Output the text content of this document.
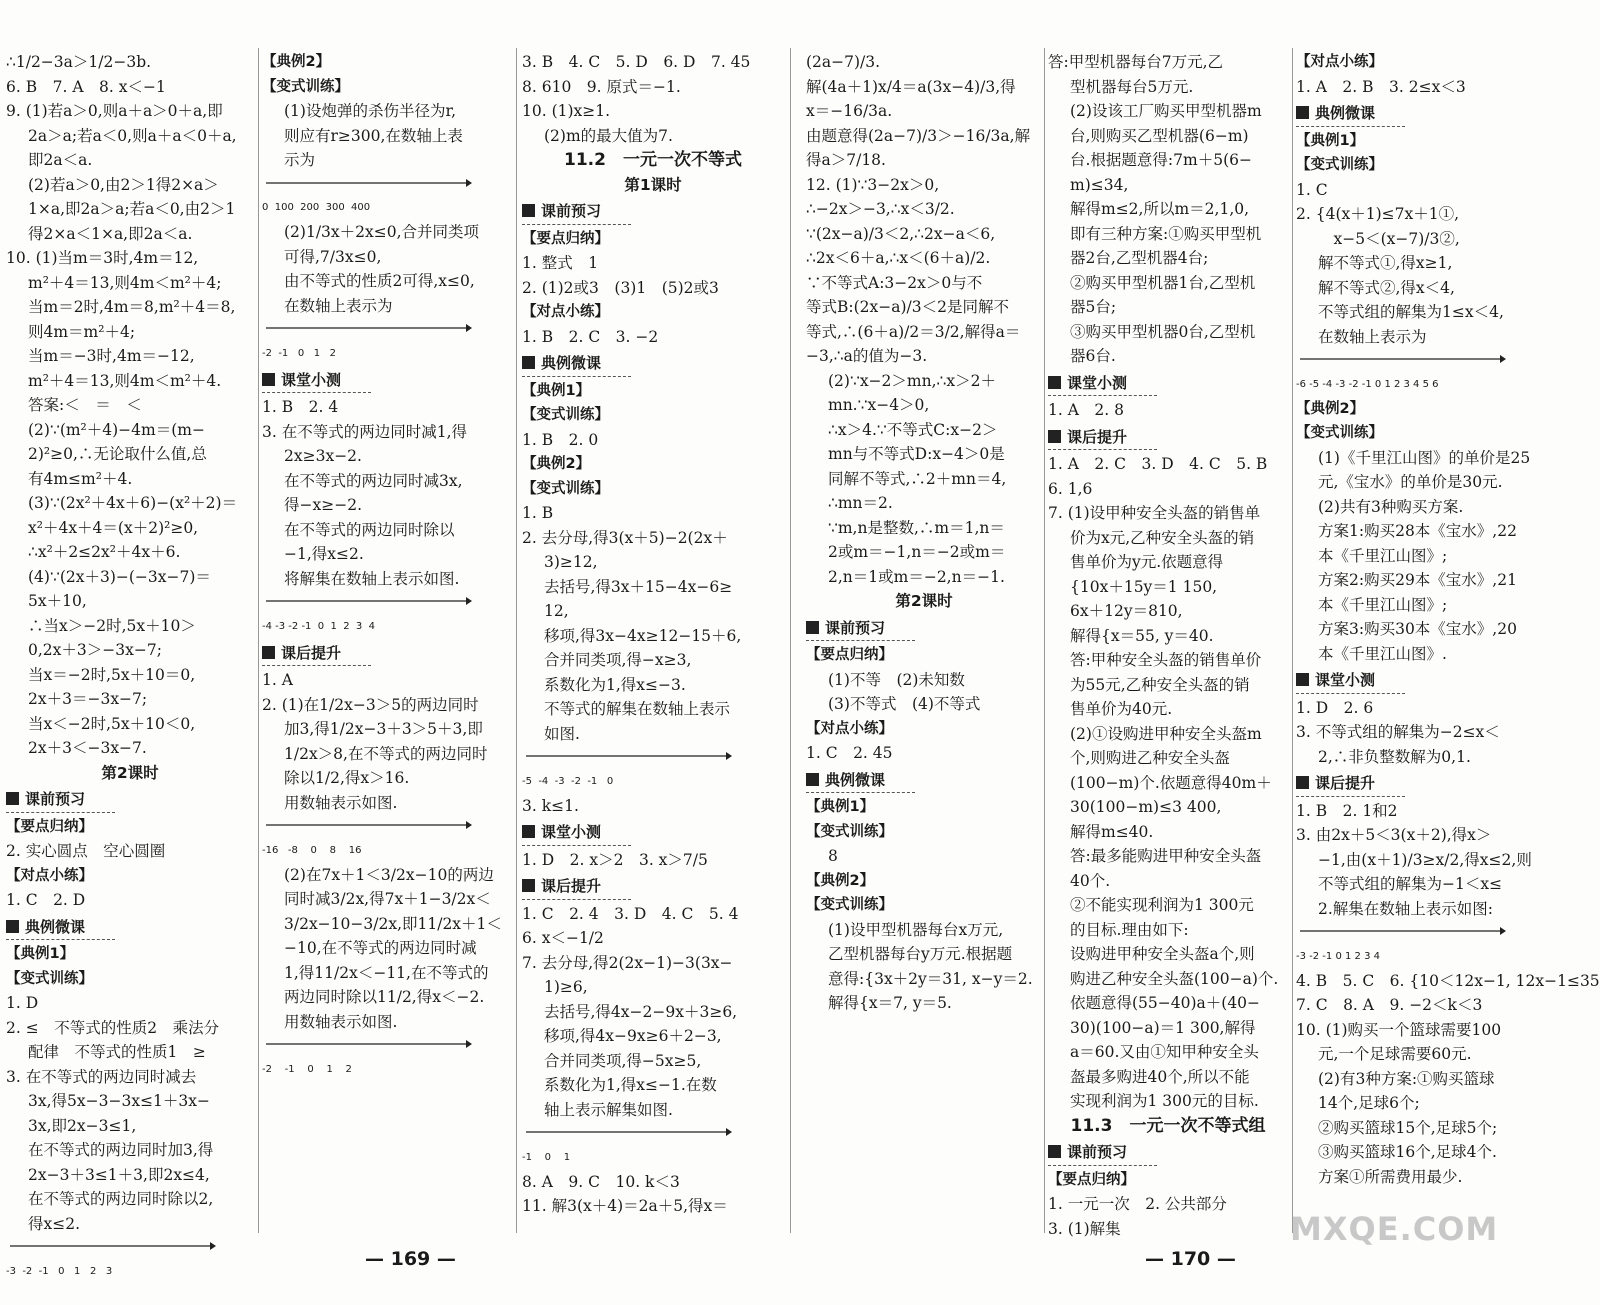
∴1/2−3a＞1/2−3b.
6. B　7. A　8. x＜−1
9. (1)若a＞0,则a＋a＞0＋a,即
2a＞a;若a＜0,则a＋a＜0＋a,
即2a＜a.
(2)若a＞0,由2＞1得2×a＞
1×a,即2a＞a;若a＜0,由2＞1
得2×a＜1×a,即2a＜a.
10. (1)当m＝3时,4m＝12,
m²＋4＝13,则4m＜m²＋4;
当m＝2时,4m＝8,m²＋4＝8,
则4m＝m²＋4;
当m＝−3时,4m＝−12,
m²＋4＝13,则4m＜m²＋4.
答案:＜　＝　＜
(2)∵(m²＋4)−4m＝(m−
2)²≥0,∴无论取什么值,总
有4m≤m²＋4.
(3)∵(2x²＋4x＋6)−(x²＋2)＝
x²＋4x＋4＝(x＋2)²≥0,
∴x²＋2≤2x²＋4x＋6.
(4)∵(2x＋3)−(−3x−7)＝
5x＋10,
∴当x＞−2时,5x＋10＞
0,2x＋3＞−3x−7;
当x＝−2时,5x＋10＝0,
2x＋3＝−3x−7;
当x＜−2时,5x＋10＜0,
2x＋3＜−3x−7.
第2课时
课前预习
【要点归纳】
2. 实心圆点　空心圆圈
【对点小练】
1. C　2. D
典例微课
【典例1】
【变式训练】
1. D
2. ≤　不等式的性质2　乘法分
配律　不等式的性质1　≥
3. 在不等式的两边同时减去
3x,得5x−3−3x≤1＋3x−
3x,即2x−3≤1,
在不等式的两边同时加3,得
2x−3＋3≤1＋3,即2x≤4,
在不等式的两边同时除以2,
得x≤2.
-3  -2  -1   0   1   2   3
【典例2】
【变式训练】
(1)设炮弹的杀伤半径为r,
则应有r≥300,在数轴上表
示为
0  100  200  300  400
(2)1/3x＋2x≤0,合并同类项
可得,7/3x≤0,
由不等式的性质2可得,x≤0,
在数轴上表示为
-2  -1   0   1   2
课堂小测
1. B　2. 4
3. 在不等式的两边同时减1,得
2x≥3x−2.
在不等式的两边同时减3x,
得−x≥−2.
在不等式的两边同时除以
−1,得x≤2.
将解集在数轴上表示如图.
-4 -3 -2 -1  0  1  2  3  4
课后提升
1. A
2. (1)在1/2x−3＞5的两边同时
加3,得1/2x−3＋3＞5＋3,即
1/2x＞8,在不等式的两边同时
除以1/2,得x＞16.
用数轴表示如图.
-16   -8    0    8    16
(2)在7x＋1＜3/2x−10的两边
同时减3/2x,得7x＋1−3/2x＜
3/2x−10−3/2x,即11/2x＋1＜
−10,在不等式的两边同时减
1,得11/2x＜−11,在不等式的
两边同时除以11/2,得x＜−2.
用数轴表示如图.
-2    -1    0    1    2
3. B　4. C　5. D　6. D　7. 45
8. 610　9. 原式＝−1.
10. (1)x≥1.
(2)m的最大值为7.
11.2　一元一次不等式
第1课时
课前预习
【要点归纳】
1. 整式　1
2. (1)2或3　(3)1　(5)2或3
【对点小练】
1. B　2. C　3. −2
典例微课
【典例1】
【变式训练】
1. B　2. 0
【典例2】
【变式训练】
1. B
2. 去分母,得3(x＋5)−2(2x＋
3)≥12,
去括号,得3x＋15−4x−6≥
12,
移项,得3x−4x≥12−15＋6,
合并同类项,得−x≥3,
系数化为1,得x≤−3.
不等式的解集在数轴上表示
如图.
-5  -4  -3  -2  -1   0
3. k≤1.
课堂小测
1. D　2. x＞2　3. x＞7/5
课后提升
1. C　2. 4　3. D　4. C　5. 4
6. x＜−1/2
7. 去分母,得2(2x−1)−3(3x−
1)≥6,
去括号,得4x−2−9x＋3≥6,
移项,得4x−9x≥6＋2−3,
合并同类项,得−5x≥5,
系数化为1,得x≤−1.在数
轴上表示解集如图.
-1    0    1
8. A　9. C　10. k＜3
11. 解3(x＋4)＝2a＋5,得x＝
(2a−7)/3.
解(4a＋1)x/4＝a(3x−4)/3,得
x＝−16/3a.
由题意得(2a−7)/3＞−16/3a,解
得a＞7/18.
12. (1)∵3−2x＞0,
∴−2x＞−3,∴x＜3/2.
∵(2x−a)/3＜2,∴2x−a＜6,
∴2x＜6＋a,∴x＜(6＋a)/2.
∵不等式A:3−2x＞0与不
等式B:(2x−a)/3＜2是同解不
等式,∴(6＋a)/2＝3/2,解得a＝
−3,∴a的值为−3.
(2)∵x−2＞mn,∴x＞2＋
mn.∵x−4＞0,
∴x＞4.∵不等式C:x−2＞
mn与不等式D:x−4＞0是
同解不等式,∴2＋mn＝4,
∴mn＝2.
∵m,n是整数,∴m＝1,n＝
2或m＝−1,n＝−2或m＝
2,n＝1或m＝−2,n＝−1.
第2课时
课前预习
【要点归纳】
(1)不等　(2)未知数
(3)不等式　(4)不等式
【对点小练】
1. C　2. 45
典例微课
【典例1】
【变式训练】
8
【典例2】
【变式训练】
(1)设甲型机器每台x万元,
乙型机器每台y万元.根据题
意得:{3x＋2y＝31, x−y＝2.
解得{x＝7, y＝5.
答:甲型机器每台7万元,乙
型机器每台5万元.
(2)设该工厂购买甲型机器m
台,则购买乙型机器(6−m)
台.根据题意得:7m＋5(6−
m)≤34,
解得m≤2,所以m＝2,1,0,
即有三种方案:①购买甲型机
器2台,乙型机器4台;
②购买甲型机器1台,乙型机
器5台;
③购买甲型机器0台,乙型机
器6台.
课堂小测
1. A　2. 8
课后提升
1. A　2. C　3. D　4. C　5. B
6. 1,6
7. (1)设甲种安全头盔的销售单
价为x元,乙种安全头盔的销
售单价为y元.依题意得
{10x＋15y＝1 150,
6x＋12y＝810,
解得{x＝55, y＝40.
答:甲种安全头盔的销售单价
为55元,乙种安全头盔的销
售单价为40元.
(2)①设购进甲种安全头盔m
个,则购进乙种安全头盔
(100−m)个.依题意得40m＋
30(100−m)≤3 400,
解得m≤40.
答:最多能购进甲种安全头盔
40个.
②不能实现利润为1 300元
的目标.理由如下:
设购进甲种安全头盔a个,则
购进乙种安全头盔(100−a)个.
依题意得(55−40)a＋(40−
30)(100−a)＝1 300,解得
a＝60.又由①知甲种安全头
盔最多购进40个,所以不能
实现利润为1 300元的目标.
11.3　一元一次不等式组
课前预习
【要点归纳】
1. 一元一次　2. 公共部分
3. (1)解集
【对点小练】
1. A　2. B　3. 2≤x＜3
典例微课
【典例1】
【变式训练】
1. C
2. {4(x＋1)≤7x＋1①,
　x−5＜(x−7)/3②,
解不等式①,得x≥1,
解不等式②,得x＜4,
不等式组的解集为1≤x＜4,
在数轴上表示为
-6 -5 -4 -3 -2 -1 0 1 2 3 4 5 6
【典例2】
【变式训练】
(1)《千里江山图》的单价是25
元,《宝水》的单价是30元.
(2)共有3种购买方案.
方案1:购买28本《宝水》,22
本《千里江山图》;
方案2:购买29本《宝水》,21
本《千里江山图》;
方案3:购买30本《宝水》,20
本《千里江山图》.
课堂小测
1. D　2. 6
3. 不等式组的解集为−2≤x＜
2,∴非负整数解为0,1.
课后提升
1. B　2. 1和2
3. 由2x＋5＜3(x＋2),得x＞
−1,由(x＋1)/3≥x/2,得x≤2,则
不等式组的解集为−1＜x≤
2.解集在数轴上表示如图:
-3 -2 -1 0 1 2 3 4
4. B　5. C　6. {10＜12x−1, 12x−1≤35
7. C　8. A　9. −2＜k＜3
10. (1)购买一个篮球需要100
元,一个足球需要60元.
(2)有3种方案:①购买篮球
14个,足球6个;
②购买篮球15个,足球5个;
③购买篮球16个,足球4个.
方案①所需费用最少.
— 169 —	— 170 —
MXQE.COM
